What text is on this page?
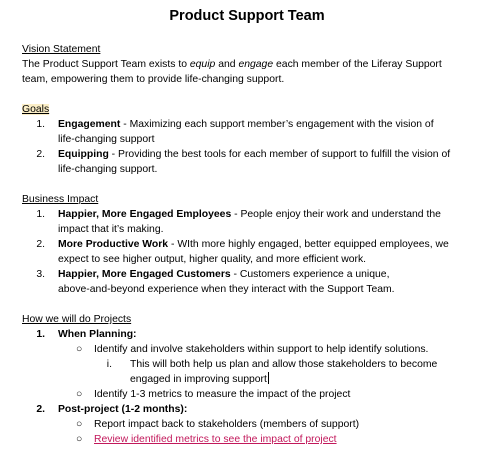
Product Support Team
Vision Statement
The Product Support Team exists to equip and engage each member of the Liferay Support
team, empowering them to provide life-changing support.
Goals
1. Engagement - Maximizing each support member’s engagement with the vision of
life-changing support
2. Equipping - Providing the best tools for each member of support to fulfill the vision of
life-changing support.
Business Impact
1. Happier, More Engaged Employees - People enjoy their work and understand the
impact that it’s making.
2. More Productive Work - WIth more highly engaged, better equipped employees, we
expect to see higher output, higher quality, and more efficient work.
3. Happier, More Engaged Customers - Customers experience a unique,
above-and-beyond experience when they interact with the Support Team.
How we will do Projects
1. When Planning:
○ Identify and involve stakeholders within support to help identify solutions.
i. This will both help us plan and allow those stakeholders to become
engaged in improving support
○ Identify 1-3 metrics to measure the impact of the project
2. Post-project (1-2 months):
○ Report impact back to stakeholders (members of support)
○ Review identified metrics to see the impact of project
